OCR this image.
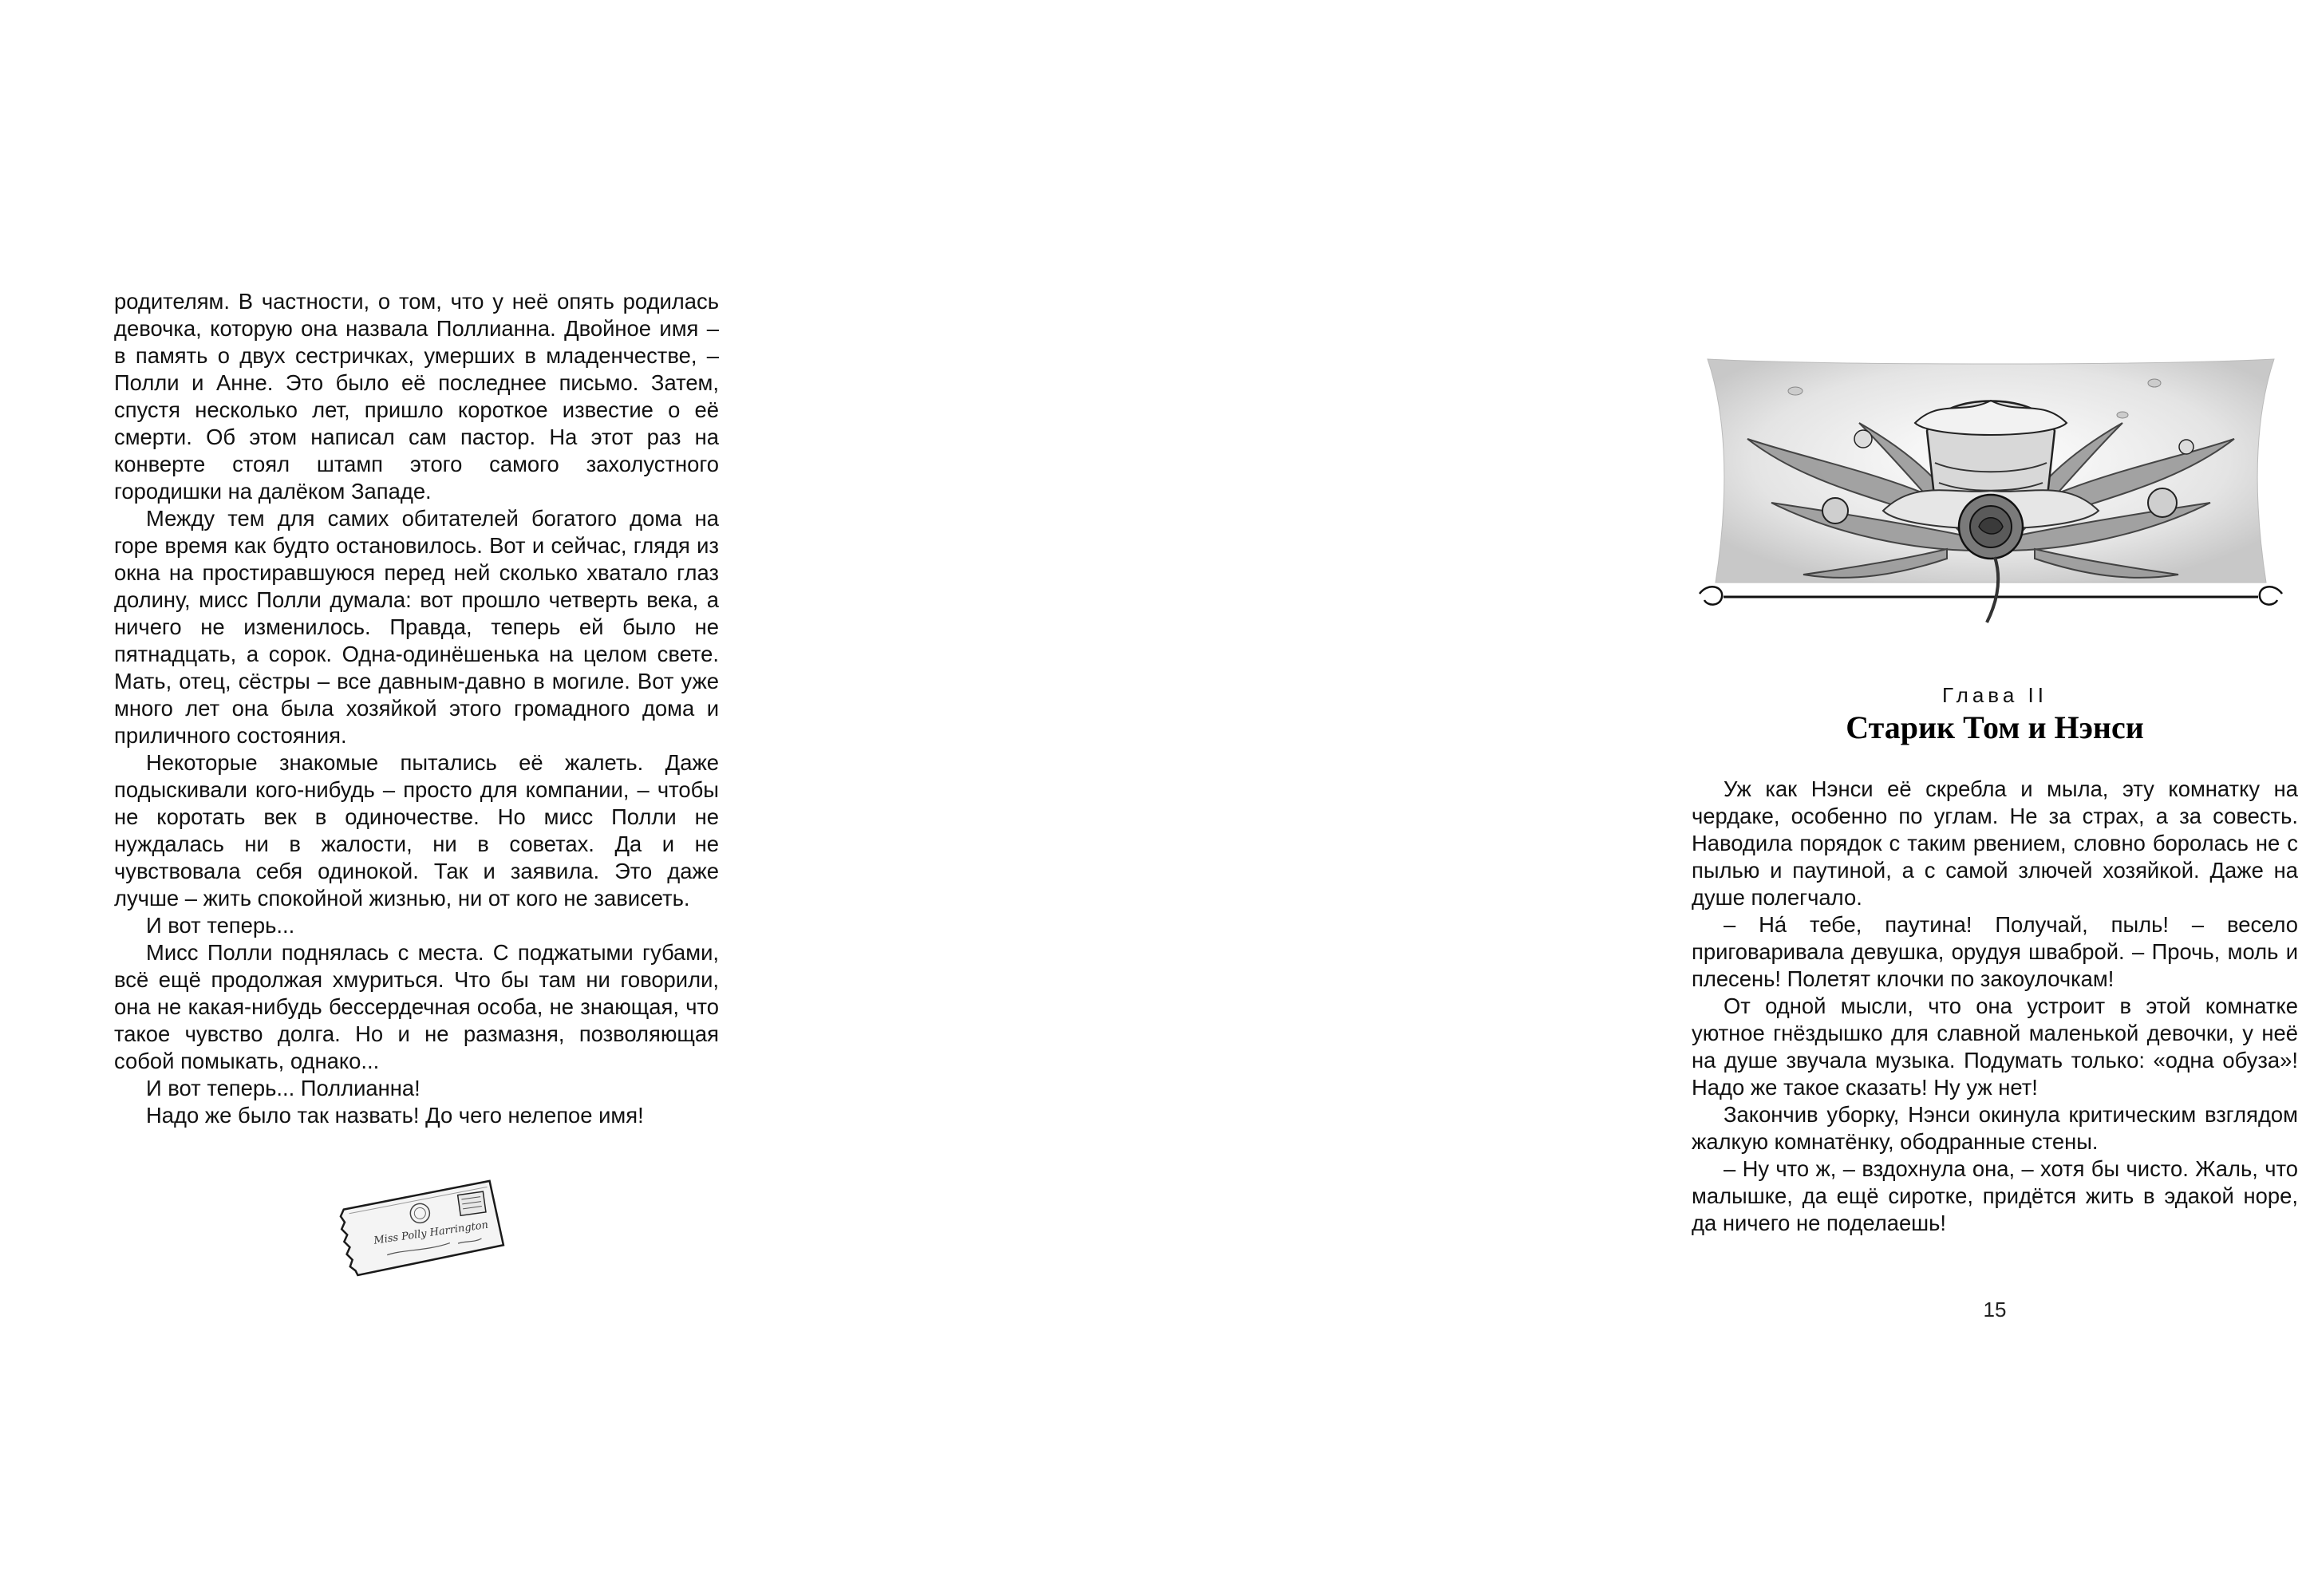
родителям. В частности, о том, что у неё опять родилась девочка, которую она назвала Поллианна. Двойное имя – в память о двух сестричках, умерших в младенчестве, – Полли и Анне. Это было её последнее письмо. Затем, спустя несколько лет, пришло короткое известие о её смерти. Об этом написал сам пастор. На этот раз на конверте стоял штамп этого самого захолустного городишки на далёком Западе.

Между тем для самих обитателей богатого дома на горе время как будто остановилось. Вот и сейчас, глядя из окна на простиравшуюся перед ней сколько хватало глаз долину, мисс Полли думала: вот прошло четверть века, а ничего не изменилось. Правда, теперь ей было не пятнадцать, а сорок. Одна-одинёшенька на целом свете. Мать, отец, сёстры – все давным-давно в могиле. Вот уже много лет она была хозяйкой этого громадного дома и приличного состояния.

Некоторые знакомые пытались её жалеть. Даже подыскивали кого-нибудь – просто для компании, – чтобы не коротать век в одиночестве. Но мисс Полли не нуждалась ни в жалости, ни в советах. Да и не чувствовала себя одинокой. Так и заявила. Это даже лучше – жить спокойной жизнью, ни от кого не зависеть.

И вот теперь...

Мисс Полли поднялась с места. С поджатыми губами, всё ещё продолжая хмуриться. Что бы там ни говорили, она не какая-нибудь бессердечная особа, не знающая, что такое чувство долга. Но и не размазня, позволяющая собой помыкать, однако...

И вот теперь... Поллианна!

Надо же было так назвать! До чего нелепое имя!

Miss Polly Harrington
Глава II
Старик Том и Нэнси

Уж как Нэнси её скребла и мыла, эту комнатку на чердаке, особенно по углам. Не за страх, а за совесть. Наводила порядок с таким рвением, словно боролась не с пылью и паутиной, а с самой злючей хозяйкой. Даже на душе полегчало.

– На́ тебе, паутина! Получай, пыль! – весело приговаривала девушка, орудуя шваброй. – Прочь, моль и плесень! Полетят клочки по закоулочкам!

От одной мысли, что она устроит в этой комнатке уютное гнёздышко для славной маленькой девочки, у неё на душе звучала музыка. Подумать только: «одна обуза»! Надо же такое сказать! Ну уж нет!

Закончив уборку, Нэнси окинула критическим взглядом жалкую комнатёнку, ободранные стены.

– Ну что ж, – вздохнула она, – хотя бы чисто. Жаль, что малышке, да ещё сиротке, придётся жить в эдакой норе, да ничего не поделаешь!

15
